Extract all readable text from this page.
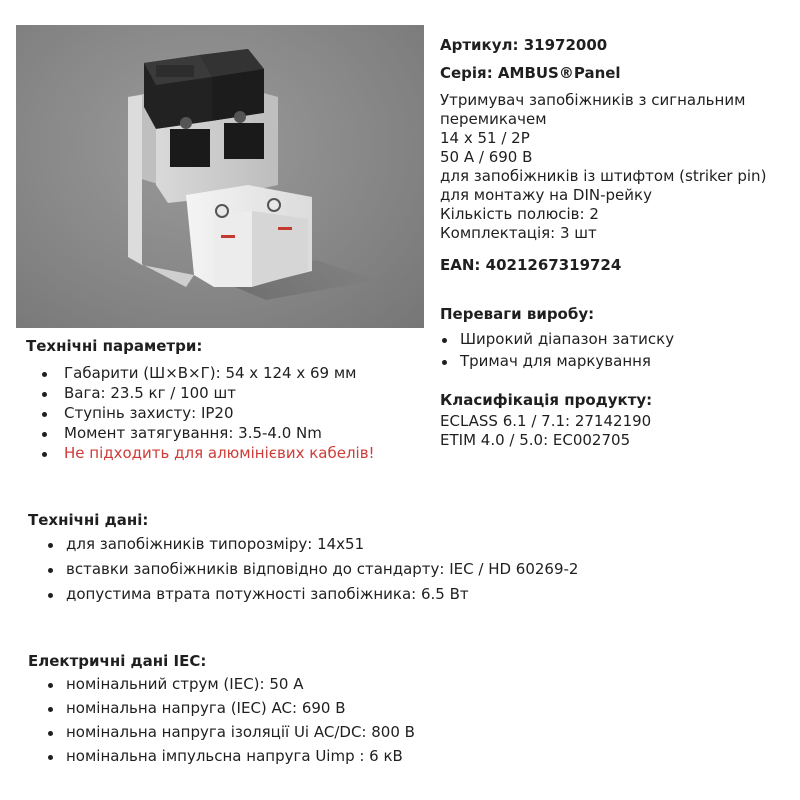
Артикул: 31972000
Серія: AMBUS®Panel
Утримувач запобіжників з сигнальним
перемикачем
14 x 51 / 2P
50 A / 690 В
для запобіжників із штифтом (striker pin)
для монтажу на DIN-рейку
Кількість полюсів: 2
Комплектація: 3 шт
EAN: 4021267319724
Переваги виробу:
Широкий діапазон затиску
Тримач для маркування
Класифікація продукту:
ECLASS 6.1 / 7.1: 27142190
ETIM 4.0 / 5.0: EC002705
Технічні параметри:
Габарити (Ш×В×Г): 54 x 124 x 69 мм
Вага: 23.5 кг / 100 шт
Ступінь захисту: IP20
Момент затягування: 3.5-4.0 Nm
Не підходить для алюмінієвих кабелів!
Технічні дані:
для запобіжників типорозміру: 14x51
вставки запобіжників відповідно до стандарту: IEC / HD 60269-2
допустима втрата потужності запобіжника: 6.5 Вт
Електричні дані IEC:
номінальний струм (IEC): 50 A
номінальна напруга (IEC) AC: 690 В
номінальна напруга ізоляції Ui AC/DC: 800 В
номінальна імпульсна напруга Uimp : 6 кВ
